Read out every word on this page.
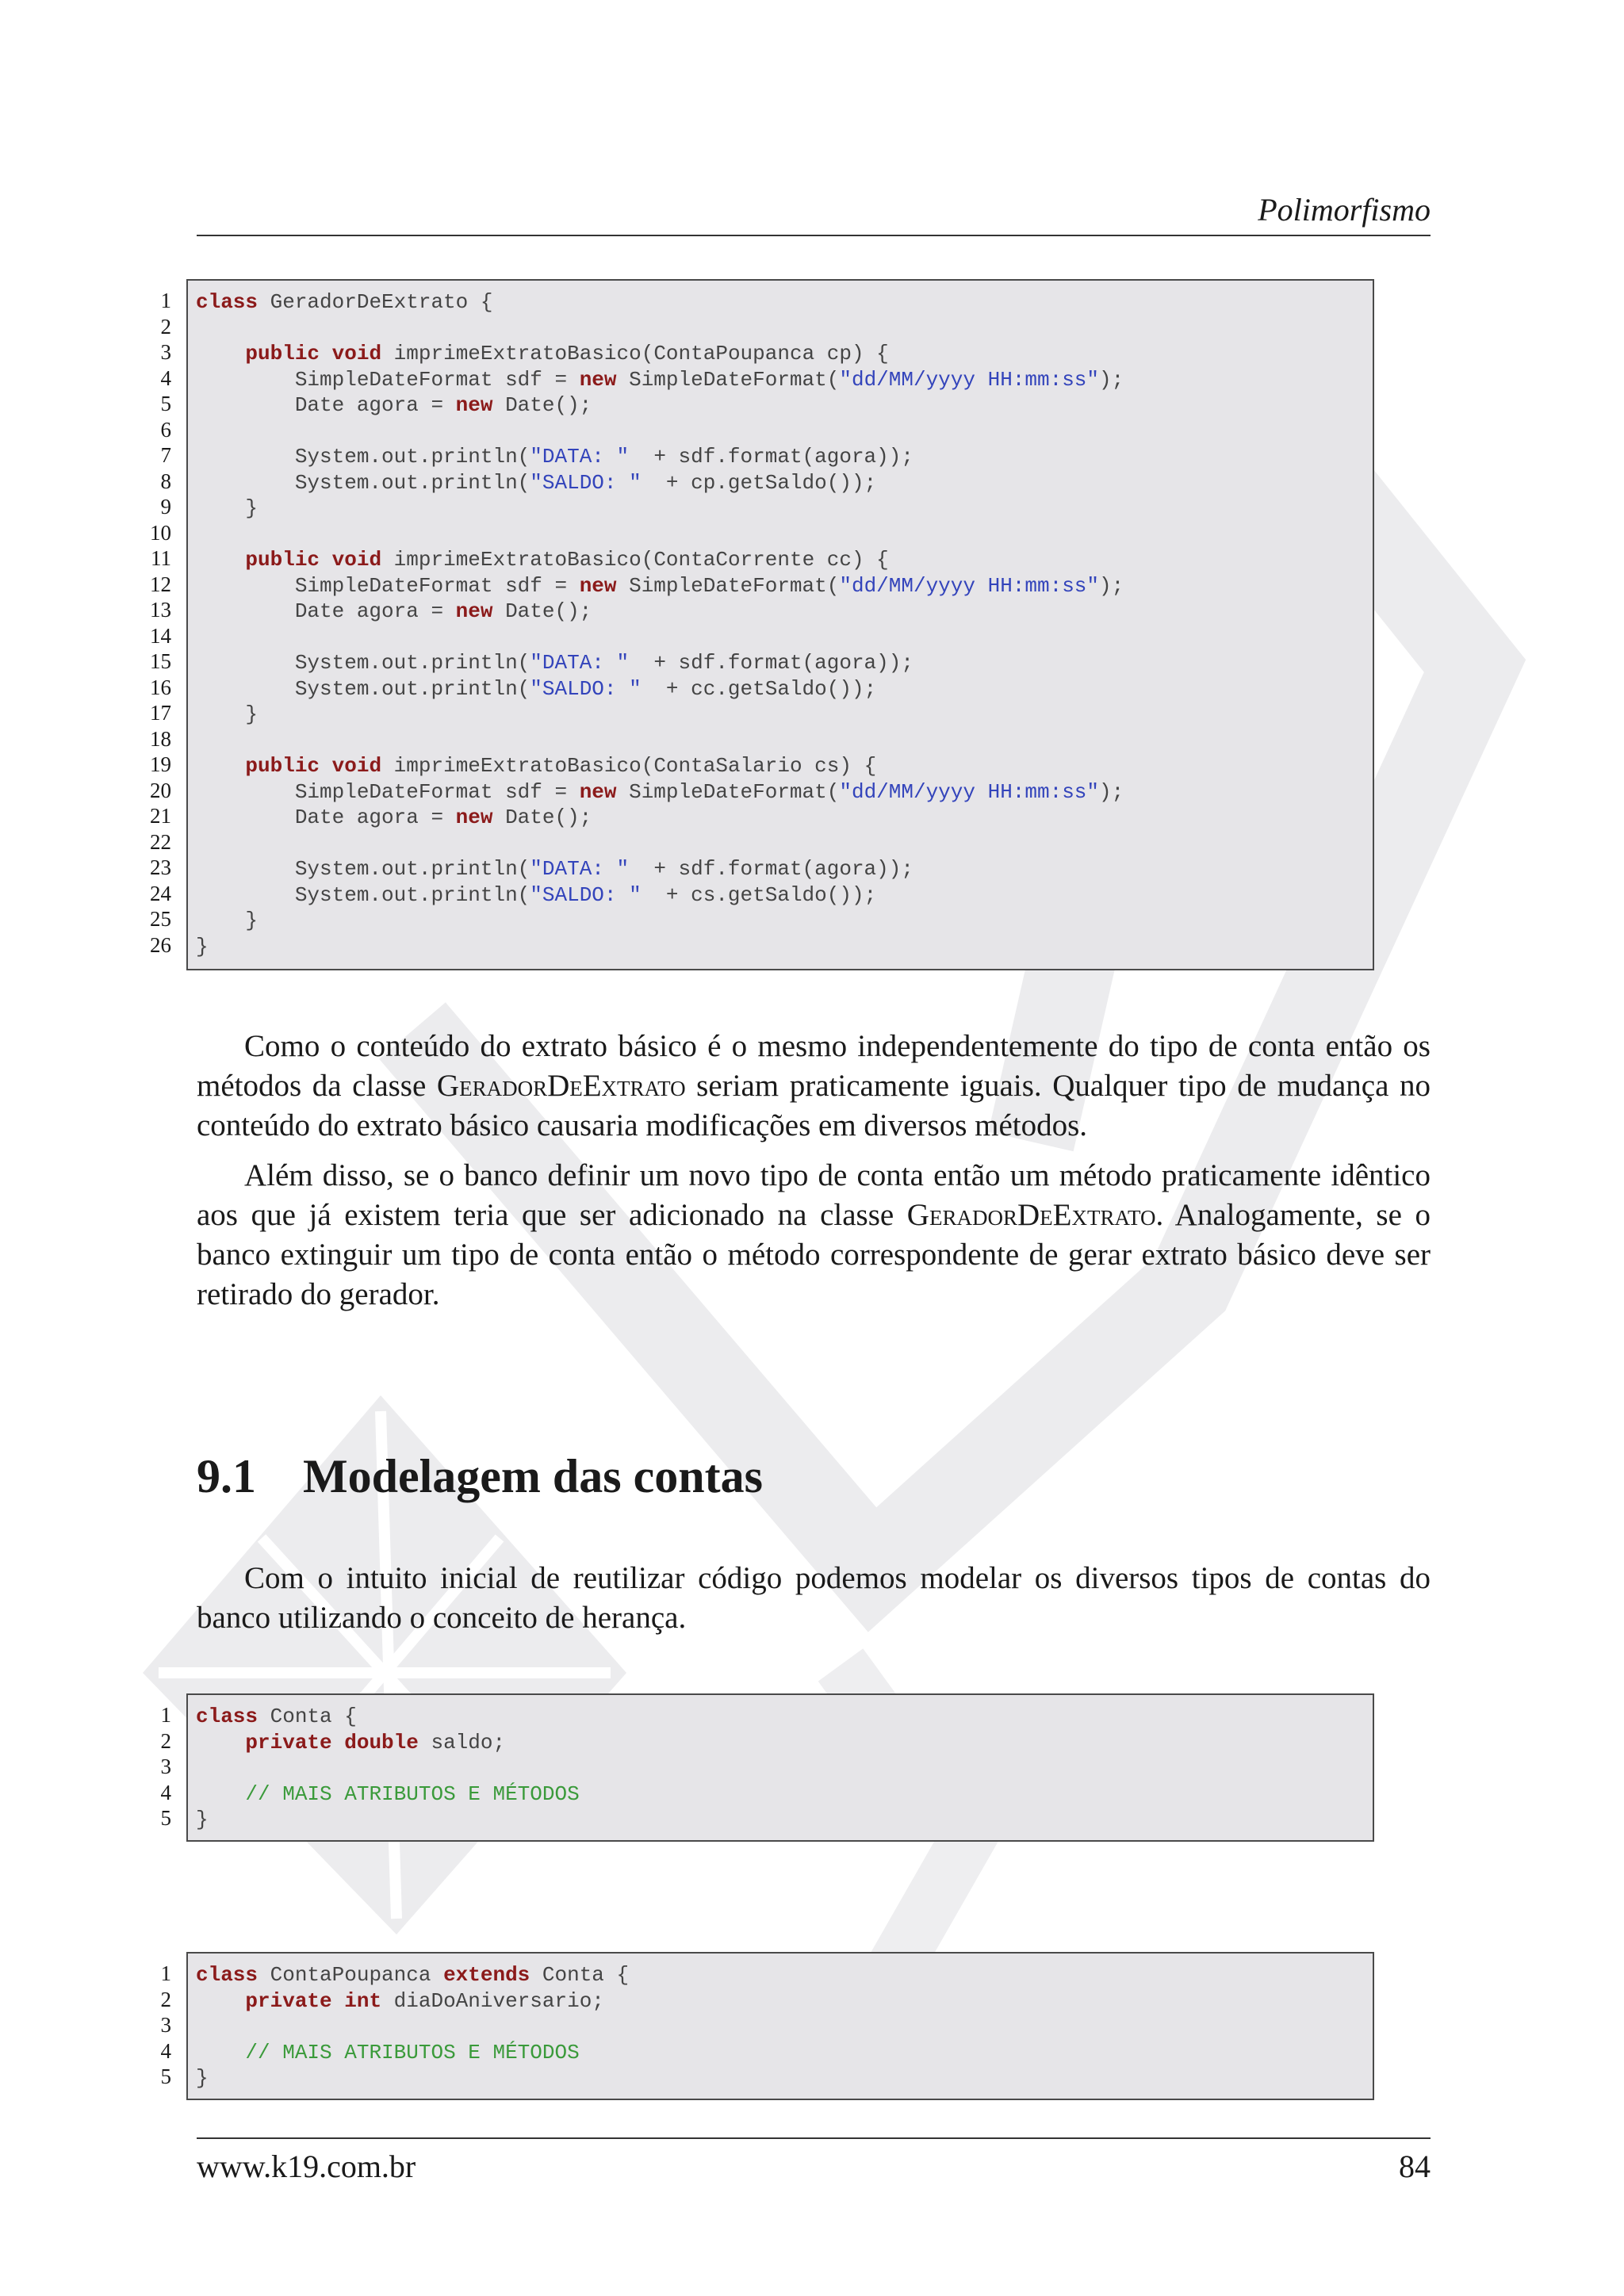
Polimorfismo
1
2
3
4
5
6
7
8
9
10
11
12
13
14
15
16
17
18
19
20
21
22
23
24
25
26
class GeradorDeExtrato {
public void imprimeExtratoBasico(ContaPoupanca cp) {
SimpleDateFormat sdf = new SimpleDateFormat("dd/MM/yyyy HH:mm:ss");
Date agora = new Date();
System.out.println("DATA: "  + sdf.format(agora));
System.out.println("SALDO: "  + cp.getSaldo());
}
public void imprimeExtratoBasico(ContaCorrente cc) {
SimpleDateFormat sdf = new SimpleDateFormat("dd/MM/yyyy HH:mm:ss");
Date agora = new Date();
System.out.println("DATA: "  + sdf.format(agora));
System.out.println("SALDO: "  + cc.getSaldo());
}
public void imprimeExtratoBasico(ContaSalario cs) {
SimpleDateFormat sdf = new SimpleDateFormat("dd/MM/yyyy HH:mm:ss");
Date agora = new Date();
System.out.println("DATA: "  + sdf.format(agora));
System.out.println("SALDO: "  + cs.getSaldo());
}
}

Como o conteúdo do extrato básico é o mesmo independentemente do tipo de conta então os métodos da classe GeradorDeExtrato seriam praticamente iguais. Qualquer tipo de mudança no conteúdo do extrato básico causaria modificações em diversos métodos.

Além disso, se o banco definir um novo tipo de conta então um método praticamente idêntico aos que já existem teria que ser adicionado na classe GeradorDeExtrato. Analogamente, se o banco extinguir um tipo de conta então o método correspondente de gerar extrato básico deve ser retirado do gerador.

9.1 Modelagem das contas

Com o intuito inicial de reutilizar código podemos modelar os diversos tipos de contas do banco utilizando o conceito de herança.

1
2
3
4
5
class Conta {
private double saldo;
// MAIS ATRIBUTOS E MÉTODOS
}
1
2
3
4
5
class ContaPoupanca extends Conta {
private int diaDoAniversario;
// MAIS ATRIBUTOS E MÉTODOS
}
www.k19.com.br	84
